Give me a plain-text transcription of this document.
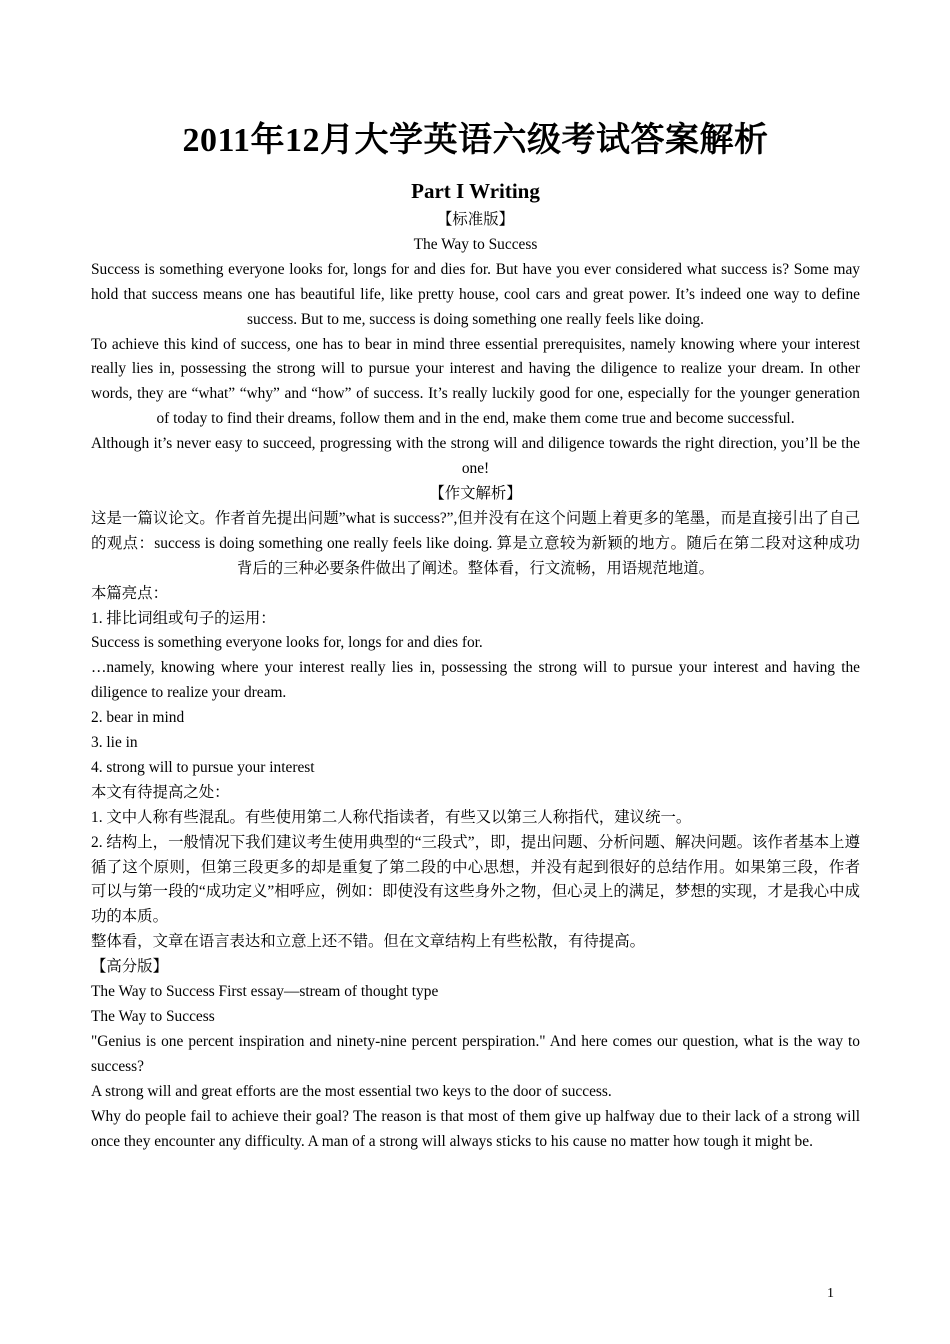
2011年12月大学英语六级考试答案解析
Part I Writing

【标准版】

The Way to Success

Success is something everyone looks for, longs for and dies for. But have you ever considered what success is? Some may hold that success means one has beautiful life, like pretty house, cool cars and great power. It’s indeed one way to define success. But to me, success is doing something one really feels like doing.

To achieve this kind of success, one has to bear in mind three essential prerequisites, namely knowing where your interest really lies in, possessing the strong will to pursue your interest and having the diligence to realize your dream. In other words, they are “what” “why” and “how” of success. It’s really luckily good for one, especially for the younger generation of today to find their dreams, follow them and in the end, make them come true and become successful.

Although it’s never easy to succeed, progressing with the strong will and diligence towards the right direction, you’ll be the one!

【作文解析】

这是一篇议论文。作者首先提出问题”what is success?”,但并没有在这个问题上着更多的笔墨，而是直接引出了自己的观点：success is doing something one really feels like doing. 算是立意较为新颖的地方。随后在第二段对这种成功背后的三种必要条件做出了阐述。整体看，行文流畅，用语规范地道。

本篇亮点：

1. 排比词组或句子的运用：

Success is something everyone looks for, longs for and dies for.

…namely, knowing where your interest really lies in, possessing the strong will to pursue your interest and having the diligence to realize your dream.

2. bear in mind

3. lie in

4. strong will to pursue your interest

本文有待提高之处：

1. 文中人称有些混乱。有些使用第二人称代指读者，有些又以第三人称指代，建议统一。

2. 结构上，一般情况下我们建议考生使用典型的“三段式”，即，提出问题、分析问题、解决问题。该作者基本上遵循了这个原则，但第三段更多的却是重复了第二段的中心思想，并没有起到很好的总结作用。如果第三段，作者可以与第一段的“成功定义”相呼应，例如：即使没有这些身外之物，但心灵上的满足，梦想的实现，才是我心中成功的本质。

整体看，文章在语言表达和立意上还不错。但在文章结构上有些松散，有待提高。

【高分版】

The Way to Success First essay—stream of thought type

The Way to Success

"Genius is one percent inspiration and ninety-nine percent perspiration." And here comes our question, what is the way to success?

A strong will and great efforts are the most essential two keys to the door of success.

Why do people fail to achieve their goal? The reason is that most of them give up halfway due to their lack of a strong will once they encounter any difficulty. A man of a strong will always sticks to his cause no matter how tough it might be.

1
